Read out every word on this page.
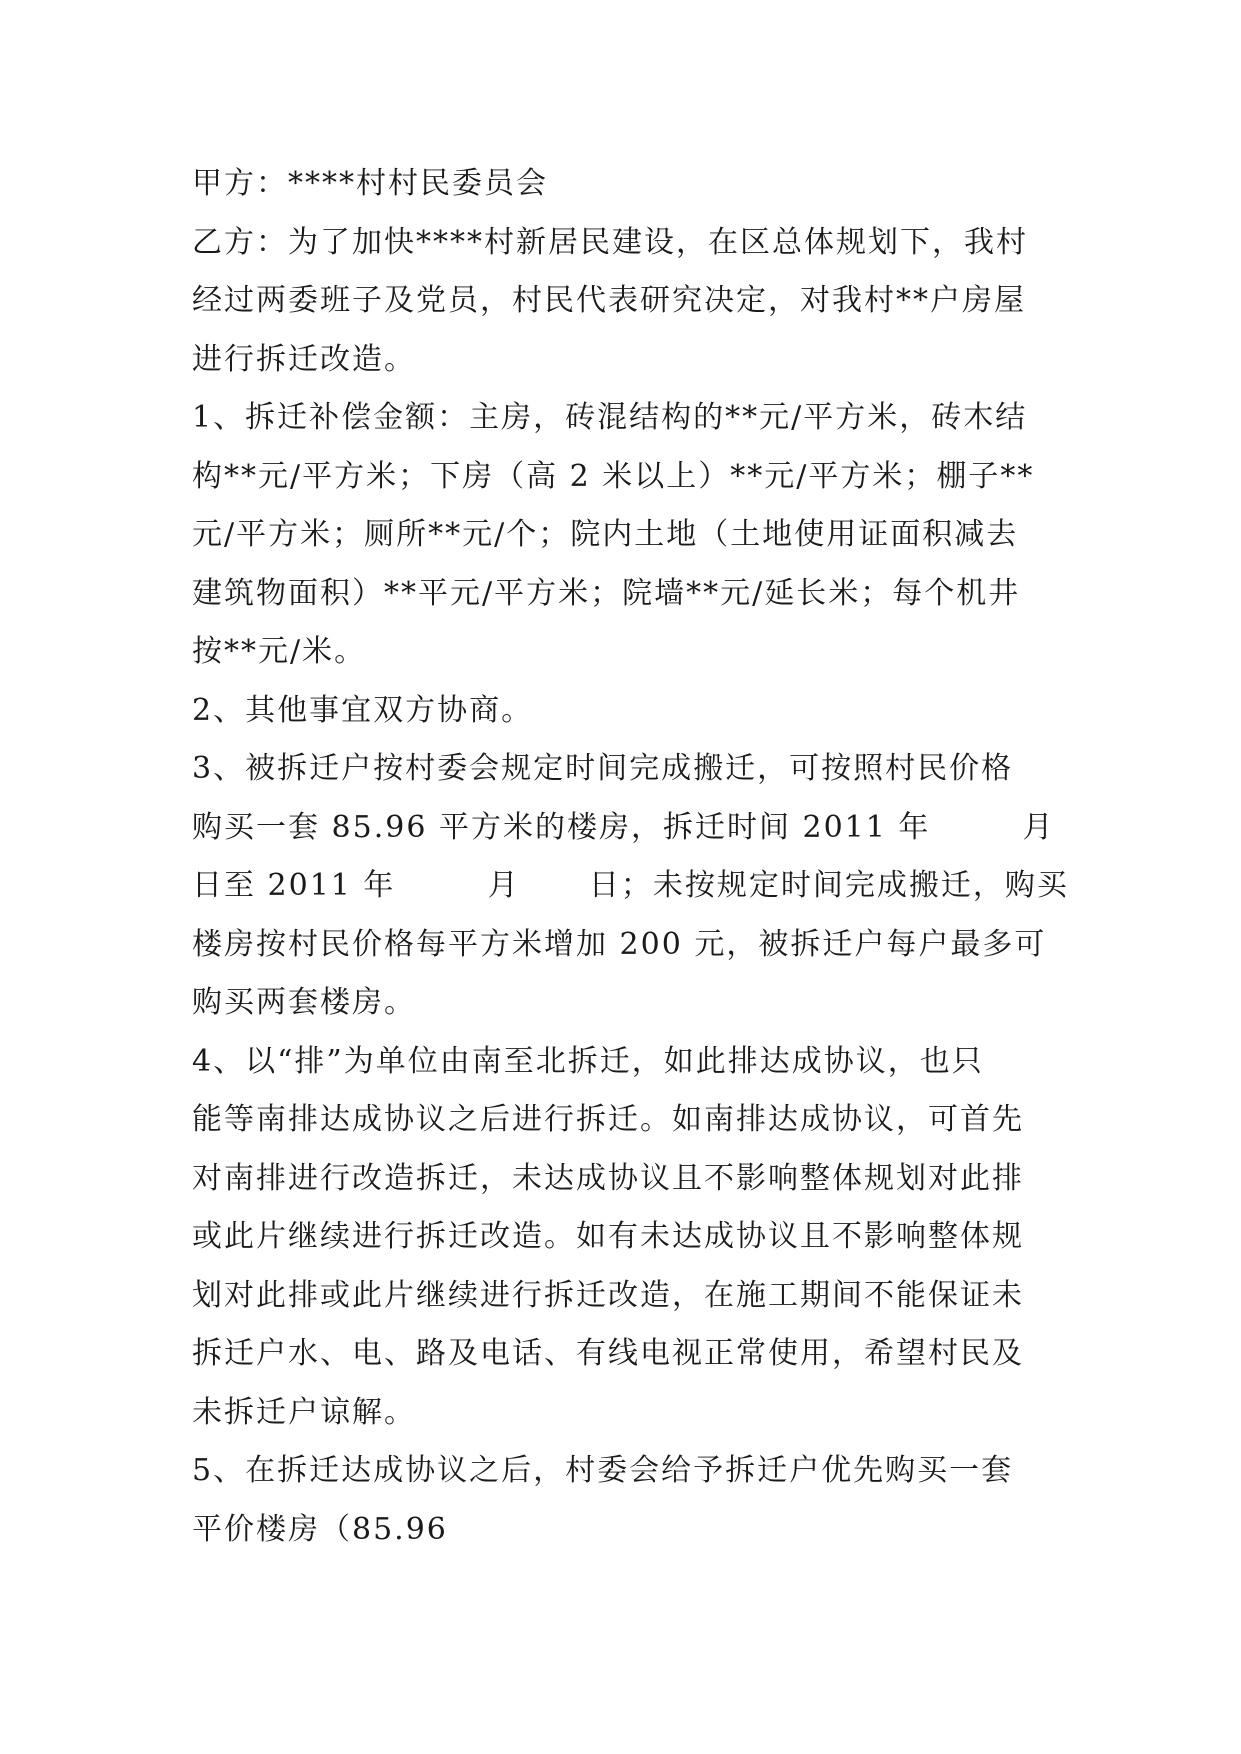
甲方：****村村民委员会
乙方：为了加快****村新居民建设，在区总体规划下，我村
经过两委班子及党员，村民代表研究决定，对我村**户房屋
进行拆迁改造。
1、拆迁补偿金额：主房，砖混结构的**元/平方米，砖木结
构**元/平方米；下房（高 2 米以上）**元/平方米；棚子**
元/平方米；厕所**元/个；院内土地（土地使用证面积减去
建筑物面积）**平元/平方米；院墙**元/延长米；每个机井
按**元/米。
2、其他事宜双方协商。
3、被拆迁户按村委会规定时间完成搬迁，可按照村民价格
购买一套 85.96 平方米的楼房，拆迁时间 2011 年        月
日至 2011 年        月      日；未按规定时间完成搬迁，购买
楼房按村民价格每平方米增加 200 元，被拆迁户每户最多可
购买两套楼房。
4、以“排”为单位由南至北拆迁，如此排达成协议，也只
能等南排达成协议之后进行拆迁。如南排达成协议，可首先
对南排进行改造拆迁，未达成协议且不影响整体规划对此排
或此片继续进行拆迁改造。如有未达成协议且不影响整体规
划对此排或此片继续进行拆迁改造，在施工期间不能保证未
拆迁户水、电、路及电话、有线电视正常使用，希望村民及
未拆迁户谅解。
5、在拆迁达成协议之后，村委会给予拆迁户优先购买一套
平价楼房（85.96
